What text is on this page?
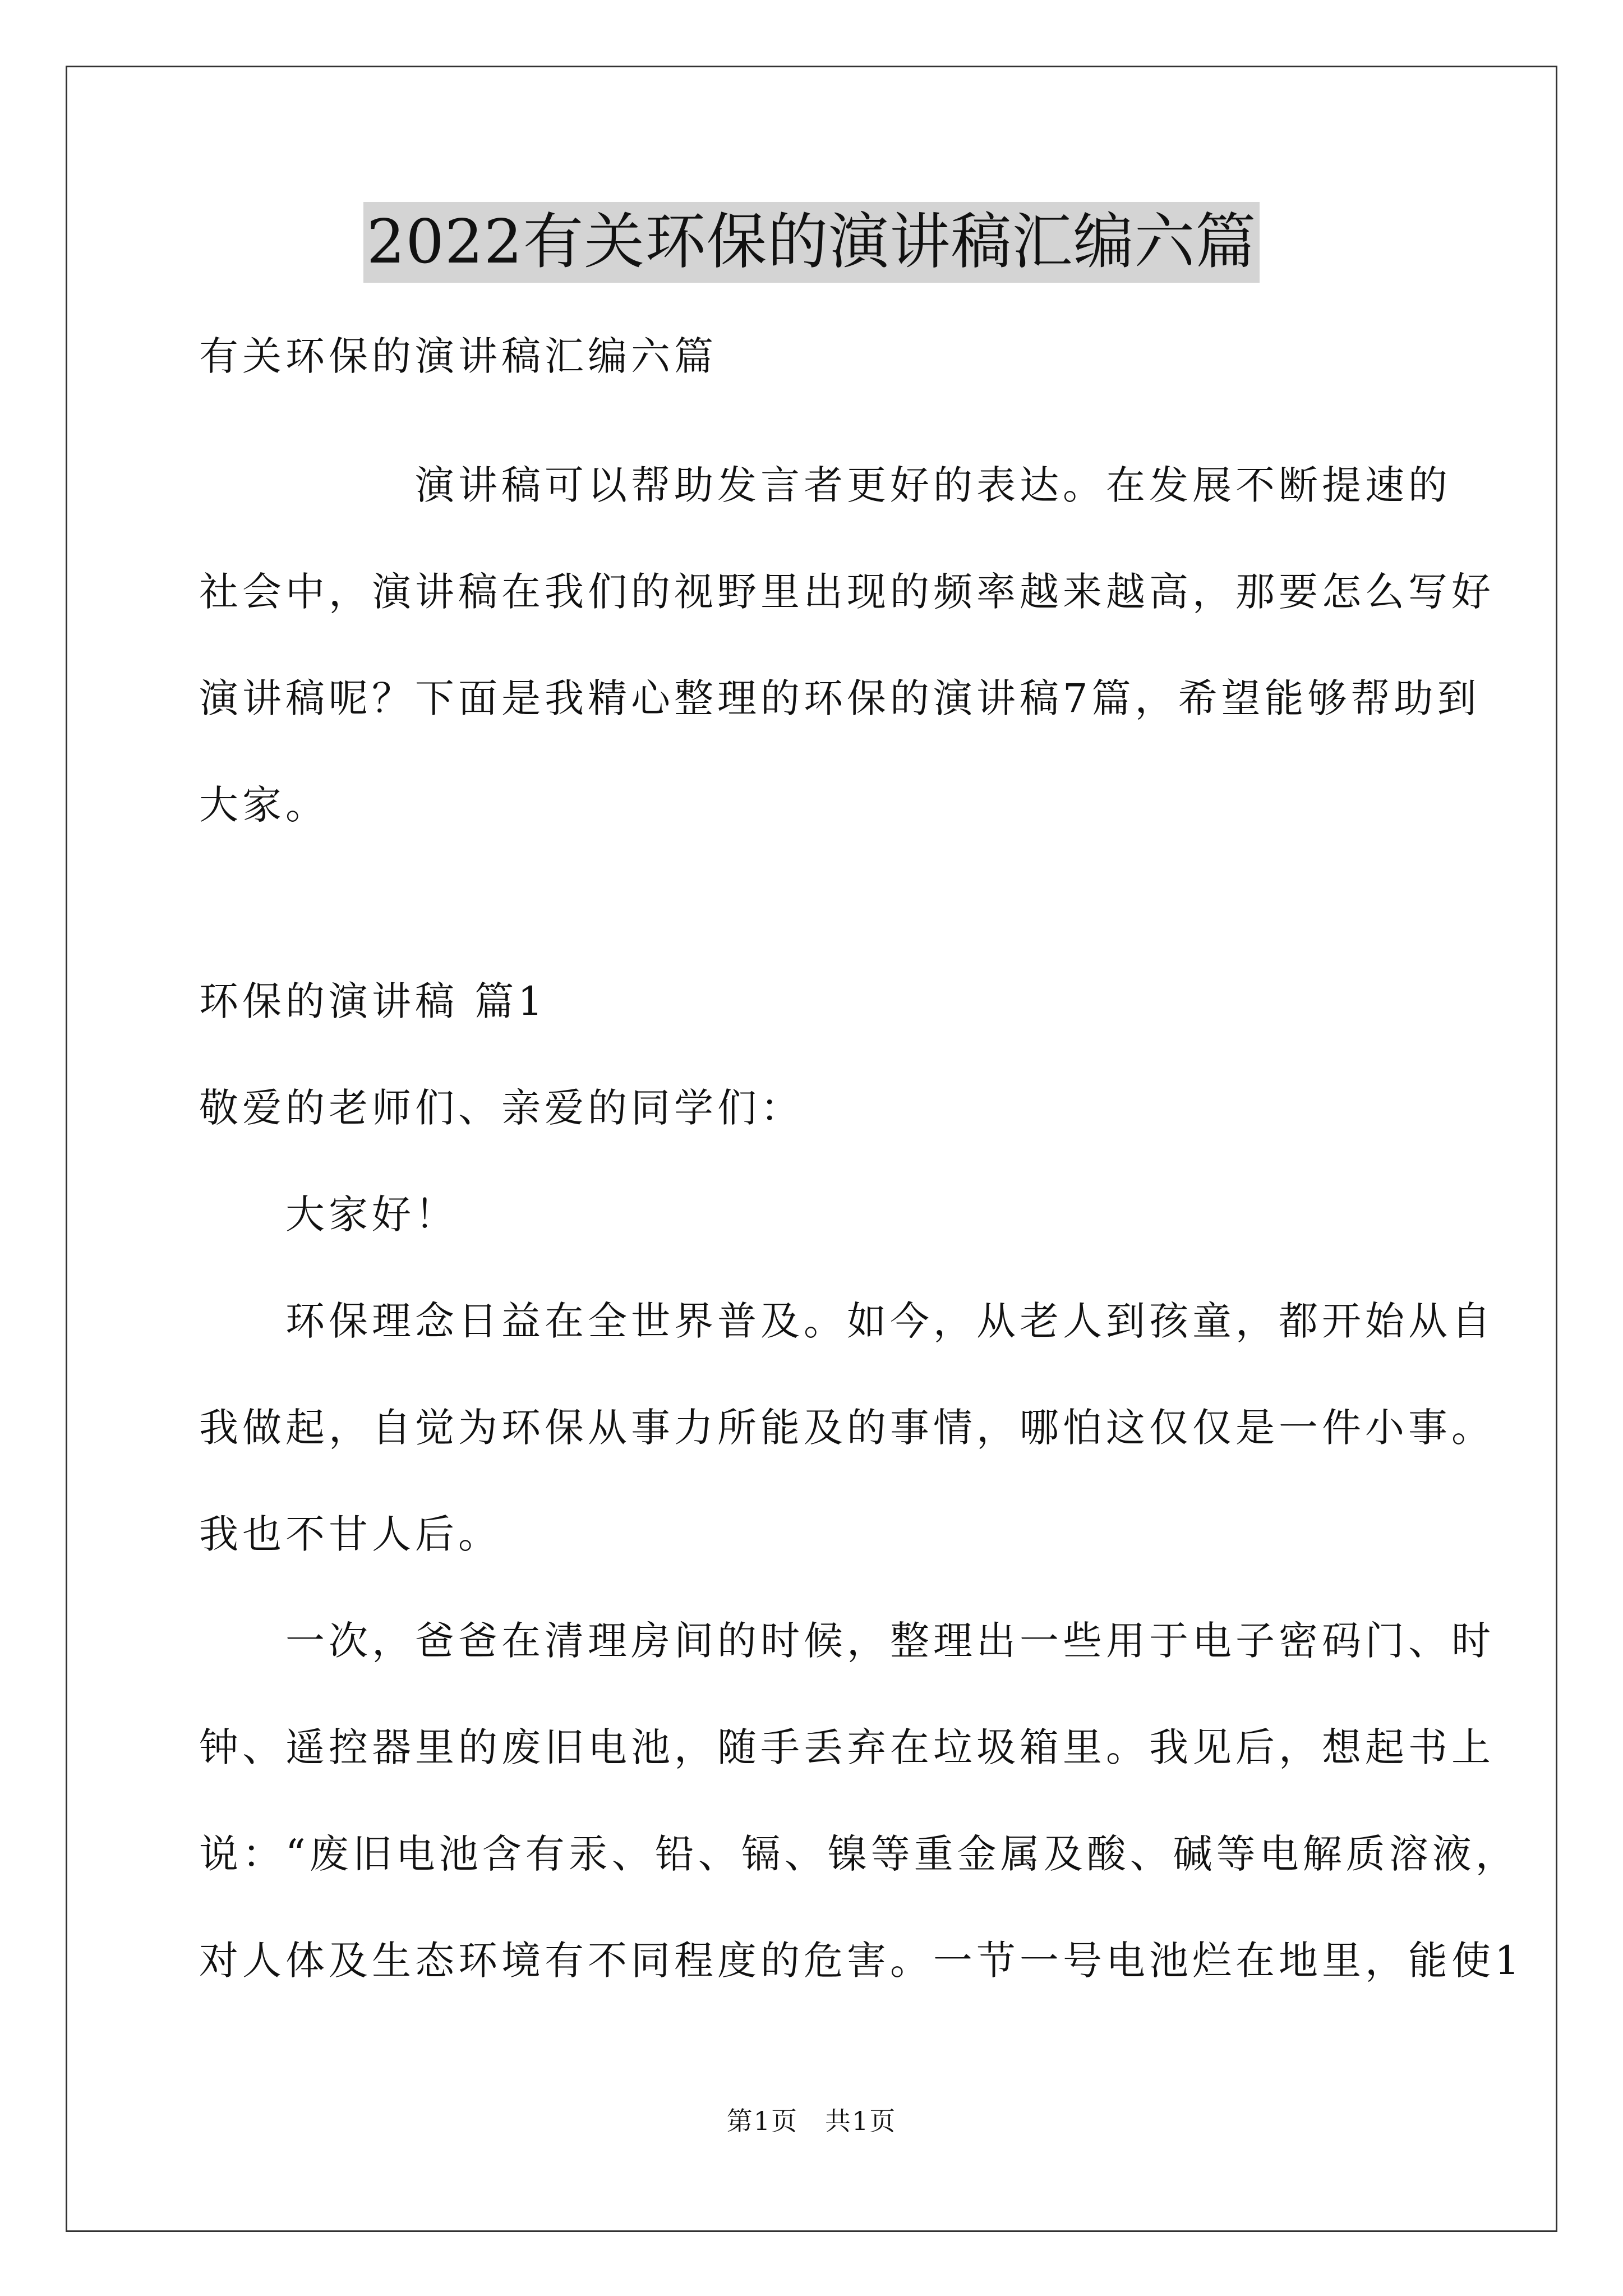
2022有关环保的演讲稿汇编六篇

有关环保的演讲稿汇编六篇

　　　　　演讲稿可以帮助发言者更好的表达。在发展不断提速的

社会中，演讲稿在我们的视野里出现的频率越来越高，那要怎么写好

演讲稿呢？下面是我精心整理的环保的演讲稿7篇，希望能够帮助到

大家。

环保的演讲稿 篇1

敬爱的老师们、亲爱的同学们：

　　大家好！

　　环保理念日益在全世界普及。如今，从老人到孩童，都开始从自

我做起，自觉为环保从事力所能及的事情，哪怕这仅仅是一件小事。

我也不甘人后。

　　一次，爸爸在清理房间的时候，整理出一些用于电子密码门、时

钟、遥控器里的废旧电池，随手丢弃在垃圾箱里。我见后，想起书上

说：“废旧电池含有汞、铅、镉、镍等重金属及酸、碱等电解质溶液，

对人体及生态环境有不同程度的危害。一节一号电池烂在地里，能使1

第1页　共1页
